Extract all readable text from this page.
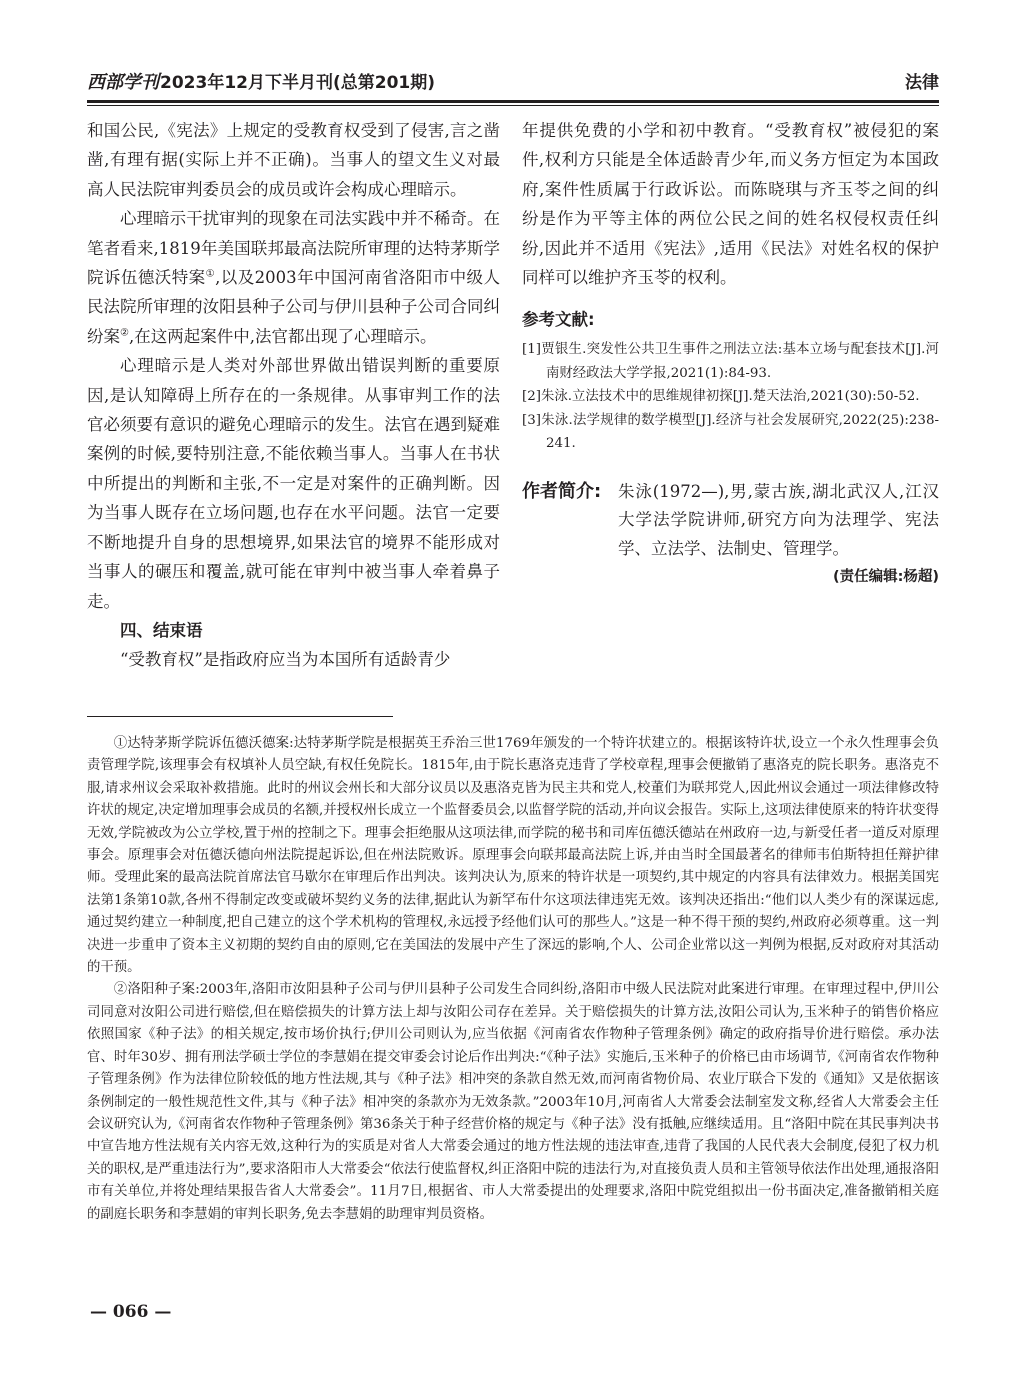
西部学刊2023年12月下半月刊(总第201期)	法律

和国公民,《宪法》上规定的受教育权受到了侵害,言之凿凿,有理有据(实际上并不正确)。当事人的望文生义对最高人民法院审判委员会的成员或许会构成心理暗示。

心理暗示干扰审判的现象在司法实践中并不稀奇。在笔者看来,1819年美国联邦最高法院所审理的达特茅斯学院诉伍德沃特案①,以及2003年中国河南省洛阳市中级人民法院所审理的汝阳县种子公司与伊川县种子公司合同纠纷案②,在这两起案件中,法官都出现了心理暗示。

心理暗示是人类对外部世界做出错误判断的重要原因,是认知障碍上所存在的一条规律。从事审判工作的法官必须要有意识的避免心理暗示的发生。法官在遇到疑难案例的时候,要特别注意,不能依赖当事人。当事人在书状中所提出的判断和主张,不一定是对案件的正确判断。因为当事人既存在立场问题,也存在水平问题。法官一定要不断地提升自身的思想境界,如果法官的境界不能形成对当事人的碾压和覆盖,就可能在审判中被当事人牵着鼻子走。

四、结束语

“受教育权”是指政府应当为本国所有适龄青少

年提供免费的小学和初中教育。“受教育权”被侵犯的案件,权利方只能是全体适龄青少年,而义务方恒定为本国政府,案件性质属于行政诉讼。而陈晓琪与齐玉苓之间的纠纷是作为平等主体的两位公民之间的姓名权侵权责任纠纷,因此并不适用《宪法》,适用《民法》对姓名权的保护同样可以维护齐玉苓的权利。

参考文献:

[1]贾银生.突发性公共卫生事件之刑法立法:基本立场与配套技术[J].河南财经政法大学学报,2021(1):84-93.

[2]朱泳.立法技术中的思维规律初探[J].楚天法治,2021(30):50-52.

[3]朱泳.法学规律的数学模型[J].经济与社会发展研究,2022(25):238-241.

作者简介:	朱泳(1972—),男,蒙古族,湖北武汉人,江汉大学法学院讲师,研究方向为法理学、宪法学、立法学、法制史、管理学。
(责任编辑:杨超)

①达特茅斯学院诉伍德沃德案:达特茅斯学院是根据英王乔治三世1769年颁发的一个特许状建立的。根据该特许状,设立一个永久性理事会负责管理学院,该理事会有权填补人员空缺,有权任免院长。1815年,由于院长惠洛克违背了学校章程,理事会便撤销了惠洛克的院长职务。惠洛克不服,请求州议会采取补救措施。此时的州议会州长和大部分议员以及惠洛克皆为民主共和党人,校董们为联邦党人,因此州议会通过一项法律修改特许状的规定,决定增加理事会成员的名额,并授权州长成立一个监督委员会,以监督学院的活动,并向议会报告。实际上,这项法律使原来的特许状变得无效,学院被改为公立学校,置于州的控制之下。理事会拒绝服从这项法律,而学院的秘书和司库伍德沃德站在州政府一边,与新受任者一道反对原理事会。原理事会对伍德沃德向州法院提起诉讼,但在州法院败诉。原理事会向联邦最高法院上诉,并由当时全国最著名的律师韦伯斯特担任辩护律师。受理此案的最高法院首席法官马歇尔在审理后作出判决。该判决认为,原来的特许状是一项契约,其中规定的内容具有法律效力。根据美国宪法第1条第10款,各州不得制定改变或破坏契约义务的法律,据此认为新罕布什尔这项法律违宪无效。该判决还指出:“他们以人类少有的深谋远虑,通过契约建立一种制度,把自己建立的这个学术机构的管理权,永远授予经他们认可的那些人。”这是一种不得干预的契约,州政府必须尊重。这一判决进一步重申了资本主义初期的契约自由的原则,它在美国法的发展中产生了深远的影响,个人、公司企业常以这一判例为根据,反对政府对其活动的干预。

②洛阳种子案:2003年,洛阳市汝阳县种子公司与伊川县种子公司发生合同纠纷,洛阳市中级人民法院对此案进行审理。在审理过程中,伊川公司同意对汝阳公司进行赔偿,但在赔偿损失的计算方法上却与汝阳公司存在差异。关于赔偿损失的计算方法,汝阳公司认为,玉米种子的销售价格应依照国家《种子法》的相关规定,按市场价执行;伊川公司则认为,应当依据《河南省农作物种子管理条例》确定的政府指导价进行赔偿。承办法官、时年30岁、拥有刑法学硕士学位的李慧娟在提交审委会讨论后作出判决:“《种子法》实施后,玉米种子的价格已由市场调节,《河南省农作物种子管理条例》作为法律位阶较低的地方性法规,其与《种子法》相冲突的条款自然无效,而河南省物价局、农业厅联合下发的《通知》又是依据该条例制定的一般性规范性文件,其与《种子法》相冲突的条款亦为无效条款。”2003年10月,河南省人大常委会法制室发文称,经省人大常委会主任会议研究认为,《河南省农作物种子管理条例》第36条关于种子经营价格的规定与《种子法》没有抵触,应继续适用。且“洛阳中院在其民事判决书中宣告地方性法规有关内容无效,这种行为的实质是对省人大常委会通过的地方性法规的违法审查,违背了我国的人民代表大会制度,侵犯了权力机关的职权,是严重违法行为”,要求洛阳市人大常委会“依法行使监督权,纠正洛阳中院的违法行为,对直接负责人员和主管领导依法作出处理,通报洛阳市有关单位,并将处理结果报告省人大常委会”。11月7日,根据省、市人大常委提出的处理要求,洛阳中院党组拟出一份书面决定,准备撤销相关庭的副庭长职务和李慧娟的审判长职务,免去李慧娟的助理审判员资格。

— 066 —
